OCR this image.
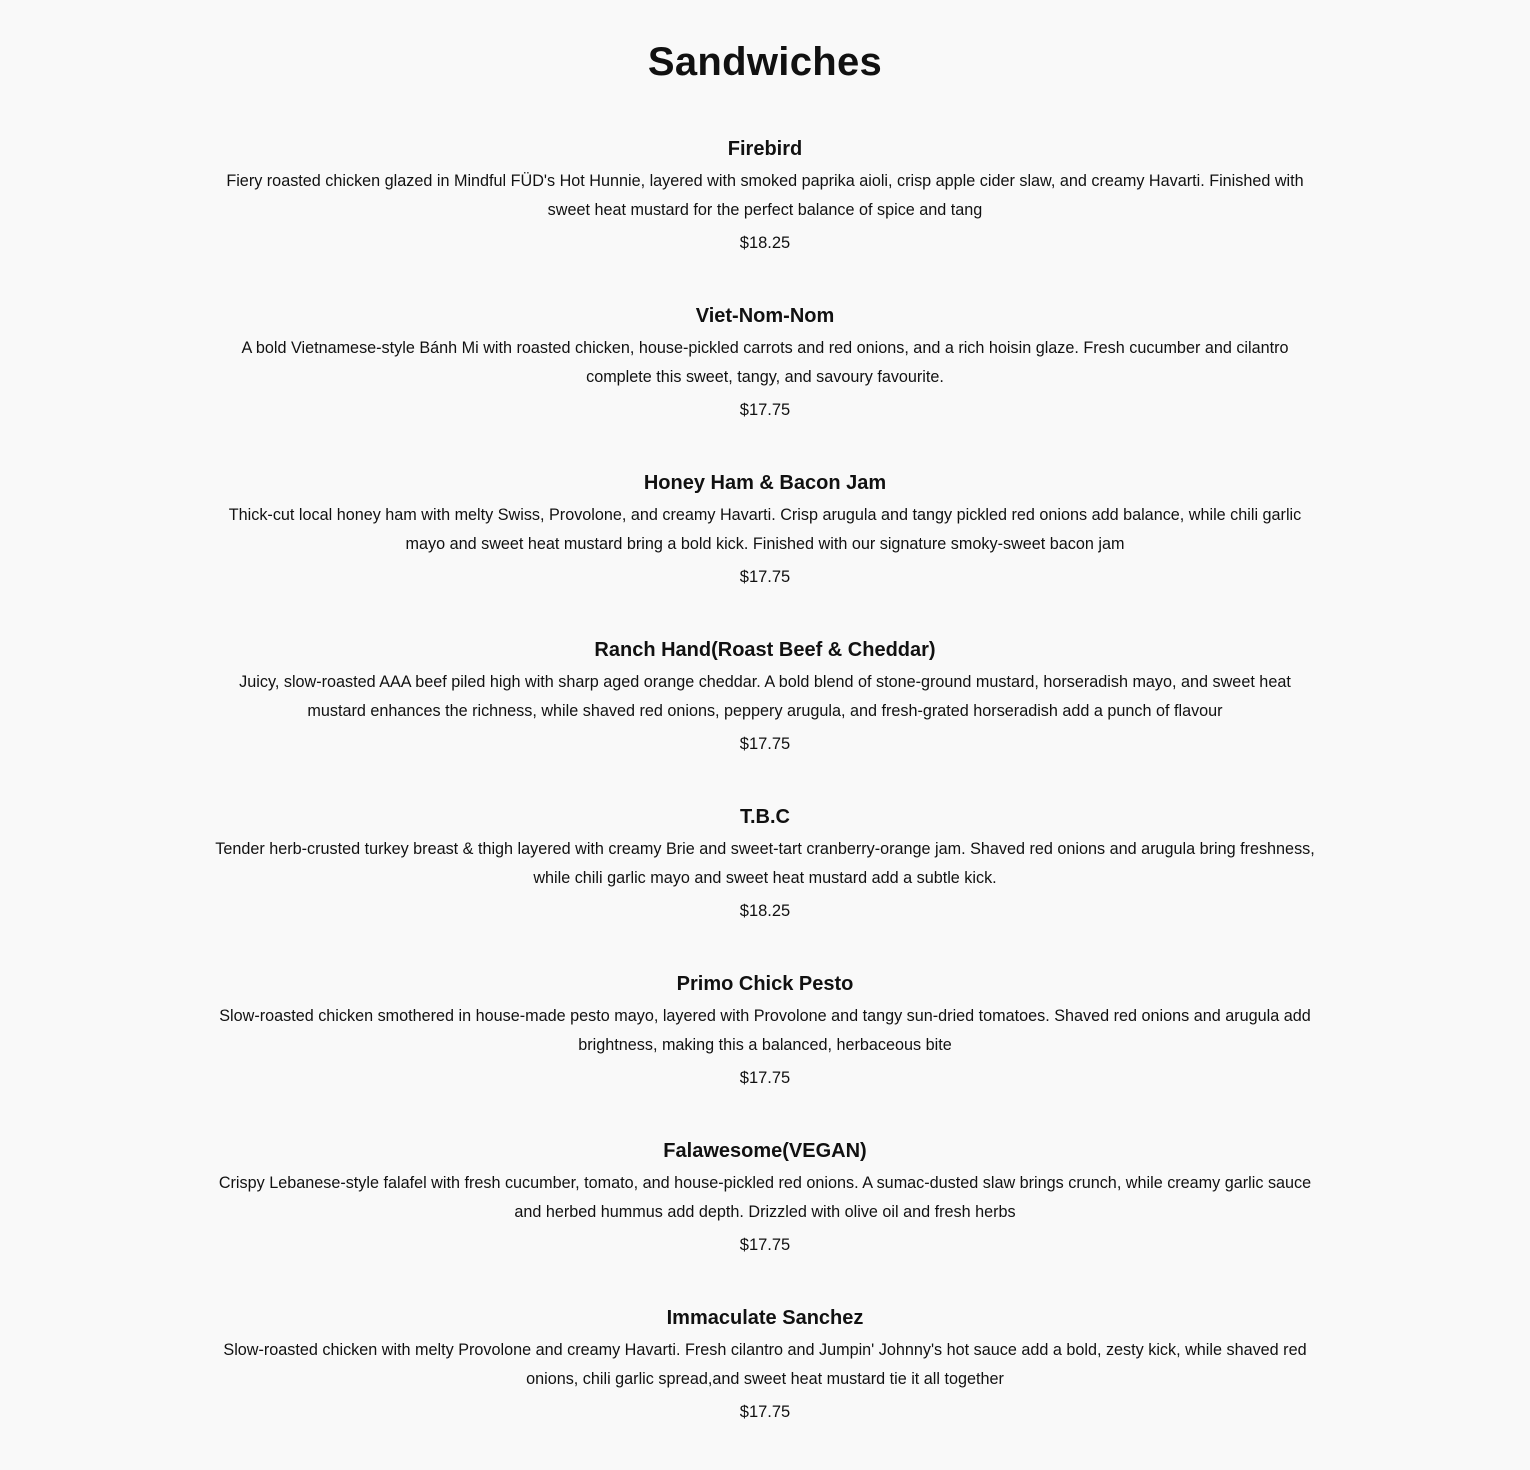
Sandwiches
Firebird

Fiery roasted chicken glazed in Mindful FÜD's Hot Hunnie, layered with smoked paprika aioli, crisp apple cider slaw, and creamy Havarti. Finished with sweet heat mustard for the perfect balance of spice and tang

$18.25

Viet-Nom-Nom

A bold Vietnamese-style Bánh Mi with roasted chicken, house-pickled carrots and red onions, and a rich hoisin glaze. Fresh cucumber and cilantro complete this sweet, tangy, and savoury favourite.

$17.75

Honey Ham & Bacon Jam

Thick-cut local honey ham with melty Swiss, Provolone, and creamy Havarti. Crisp arugula and tangy pickled red onions add balance, while chili garlic mayo and sweet heat mustard bring a bold kick. Finished with our signature smoky-sweet bacon jam

$17.75

Ranch Hand(Roast Beef & Cheddar)

Juicy, slow-roasted AAA beef piled high with sharp aged orange cheddar. A bold blend of stone-ground mustard, horseradish mayo, and sweet heat mustard enhances the richness, while shaved red onions, peppery arugula, and fresh-grated horseradish add a punch of flavour

$17.75

T.B.C

Tender herb-crusted turkey breast & thigh layered with creamy Brie and sweet-tart cranberry-orange jam. Shaved red onions and arugula bring freshness, while chili garlic mayo and sweet heat mustard add a subtle kick.

$18.25

Primo Chick Pesto

Slow-roasted chicken smothered in house-made pesto mayo, layered with Provolone and tangy sun-dried tomatoes. Shaved red onions and arugula add brightness, making this a balanced, herbaceous bite

$17.75

Falawesome(VEGAN)

Crispy Lebanese-style falafel with fresh cucumber, tomato, and house-pickled red onions. A sumac-dusted slaw brings crunch, while creamy garlic sauce and herbed hummus add depth. Drizzled with olive oil and fresh herbs

$17.75

Immaculate Sanchez

Slow-roasted chicken with melty Provolone and creamy Havarti. Fresh cilantro and Jumpin' Johnny's hot sauce add a bold, zesty kick, while shaved red onions, chili garlic spread,and sweet heat mustard tie it all together

$17.75
